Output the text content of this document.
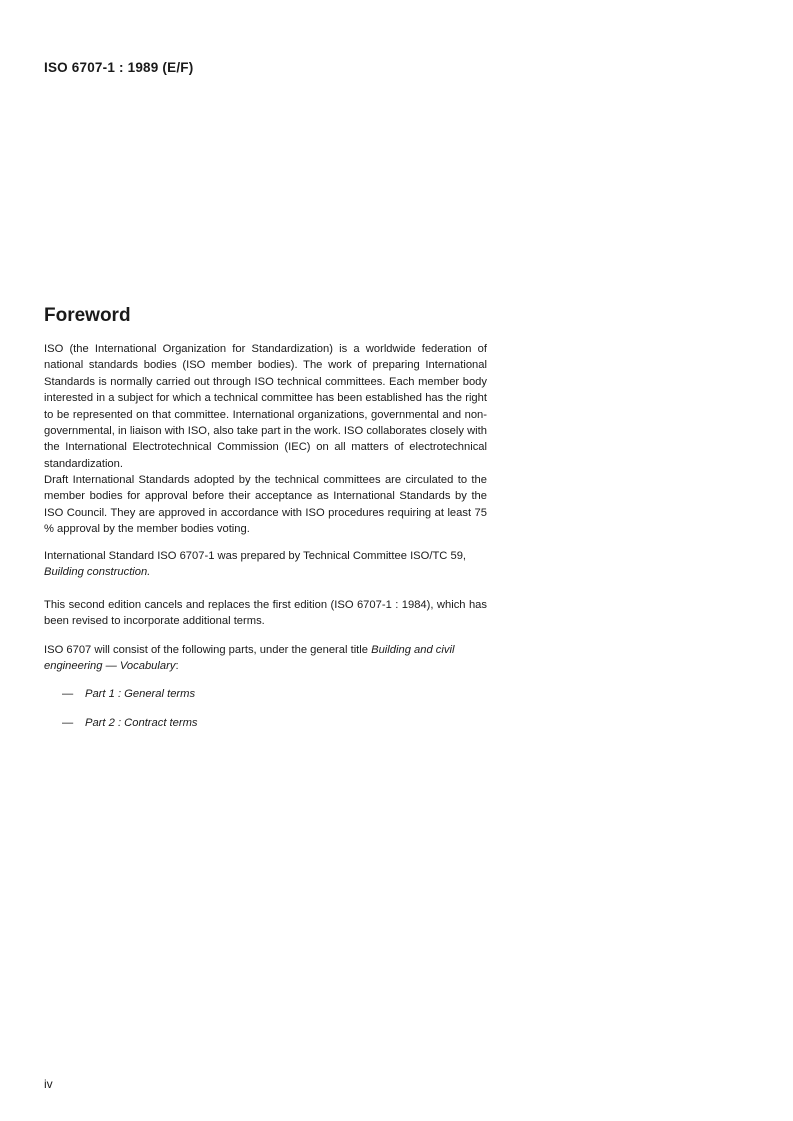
ISO 6707-1 : 1989 (E/F)
Foreword

ISO (the International Organization for Standardization) is a worldwide federation of national standards bodies (ISO member bodies). The work of preparing International Standards is normally carried out through ISO technical committees. Each member body interested in a subject for which a technical committee has been established has the right to be represented on that committee. International organizations, governmental and non-governmental, in liaison with ISO, also take part in the work. ISO collaborates closely with the International Electrotechnical Commission (IEC) on all matters of electrotechnical standardization.

Draft International Standards adopted by the technical committees are circulated to the member bodies for approval before their acceptance as International Standards by the ISO Council. They are approved in accordance with ISO procedures requiring at least 75 % approval by the member bodies voting.

International Standard ISO 6707-1 was prepared by Technical Committee ISO/TC 59,
Building construction.

This second edition cancels and replaces the first edition (ISO 6707-1 : 1984), which has been revised to incorporate additional terms.

ISO 6707 will consist of the following parts, under the general title Building and civil engineering — Vocabulary:

— Part 1 : General terms
— Part 2 : Contract terms
iv
